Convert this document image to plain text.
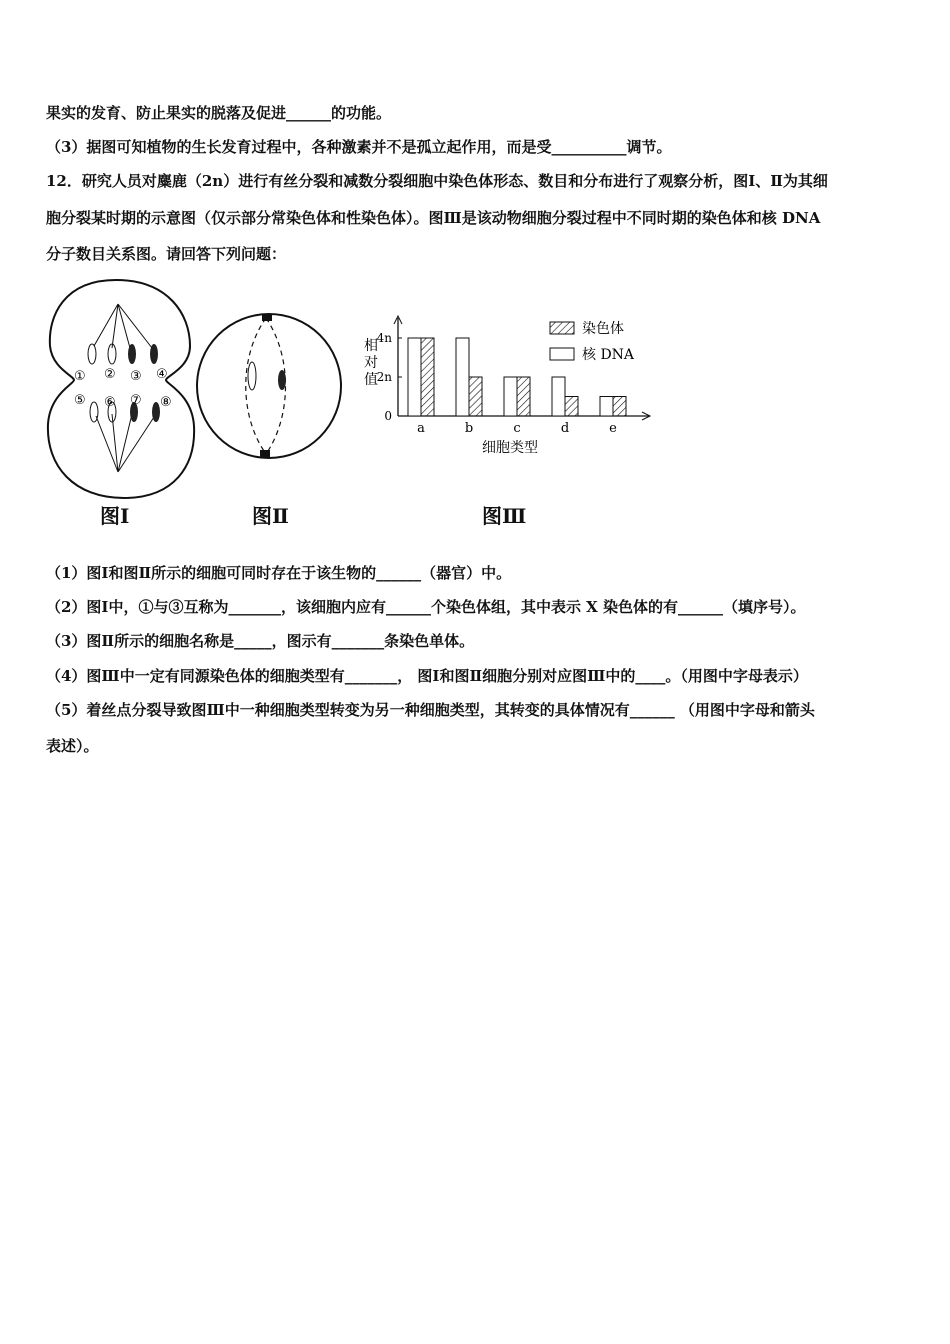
果实的发育、防止果实的脱落及促进______的功能。
（3）据图可知植物的生长发育过程中，各种激素并不是孤立起作用，而是受__________调节。
12．研究人员对麋鹿（2n）进行有丝分裂和减数分裂细胞中染色体形态、数目和分布进行了观察分析，图Ⅰ、Ⅱ为其细
胞分裂某时期的示意图（仅示部分常染色体和性染色体）。图Ⅲ是该动物细胞分裂过程中不同时期的染色体和核 DNA
分子数目关系图。请回答下列问题：
① ② ③ ④
⑤ ⑥ ⑦ ⑧
图Ⅰ	图Ⅱ
0
2n
4n
相
对
值
a	b	c	d	e
细胞类型
染色体
核 DNA
图Ⅲ
（1）图Ⅰ和图Ⅱ所示的细胞可同时存在于该生物的______（器官）中。
（2）图Ⅰ中，①与③互称为_______，该细胞内应有______个染色体组，其中表示 X 染色体的有______（填序号）。
（3）图Ⅱ所示的细胞名称是_____，图示有_______条染色单体。
（4）图Ⅲ中一定有同源染色体的细胞类型有_______， 图Ⅰ和图Ⅱ细胞分别对应图Ⅲ中的____。（用图中字母表示）
（5）着丝点分裂导致图Ⅲ中一种细胞类型转变为另一种细胞类型，其转变的具体情况有______ （用图中字母和箭头
表述）。
